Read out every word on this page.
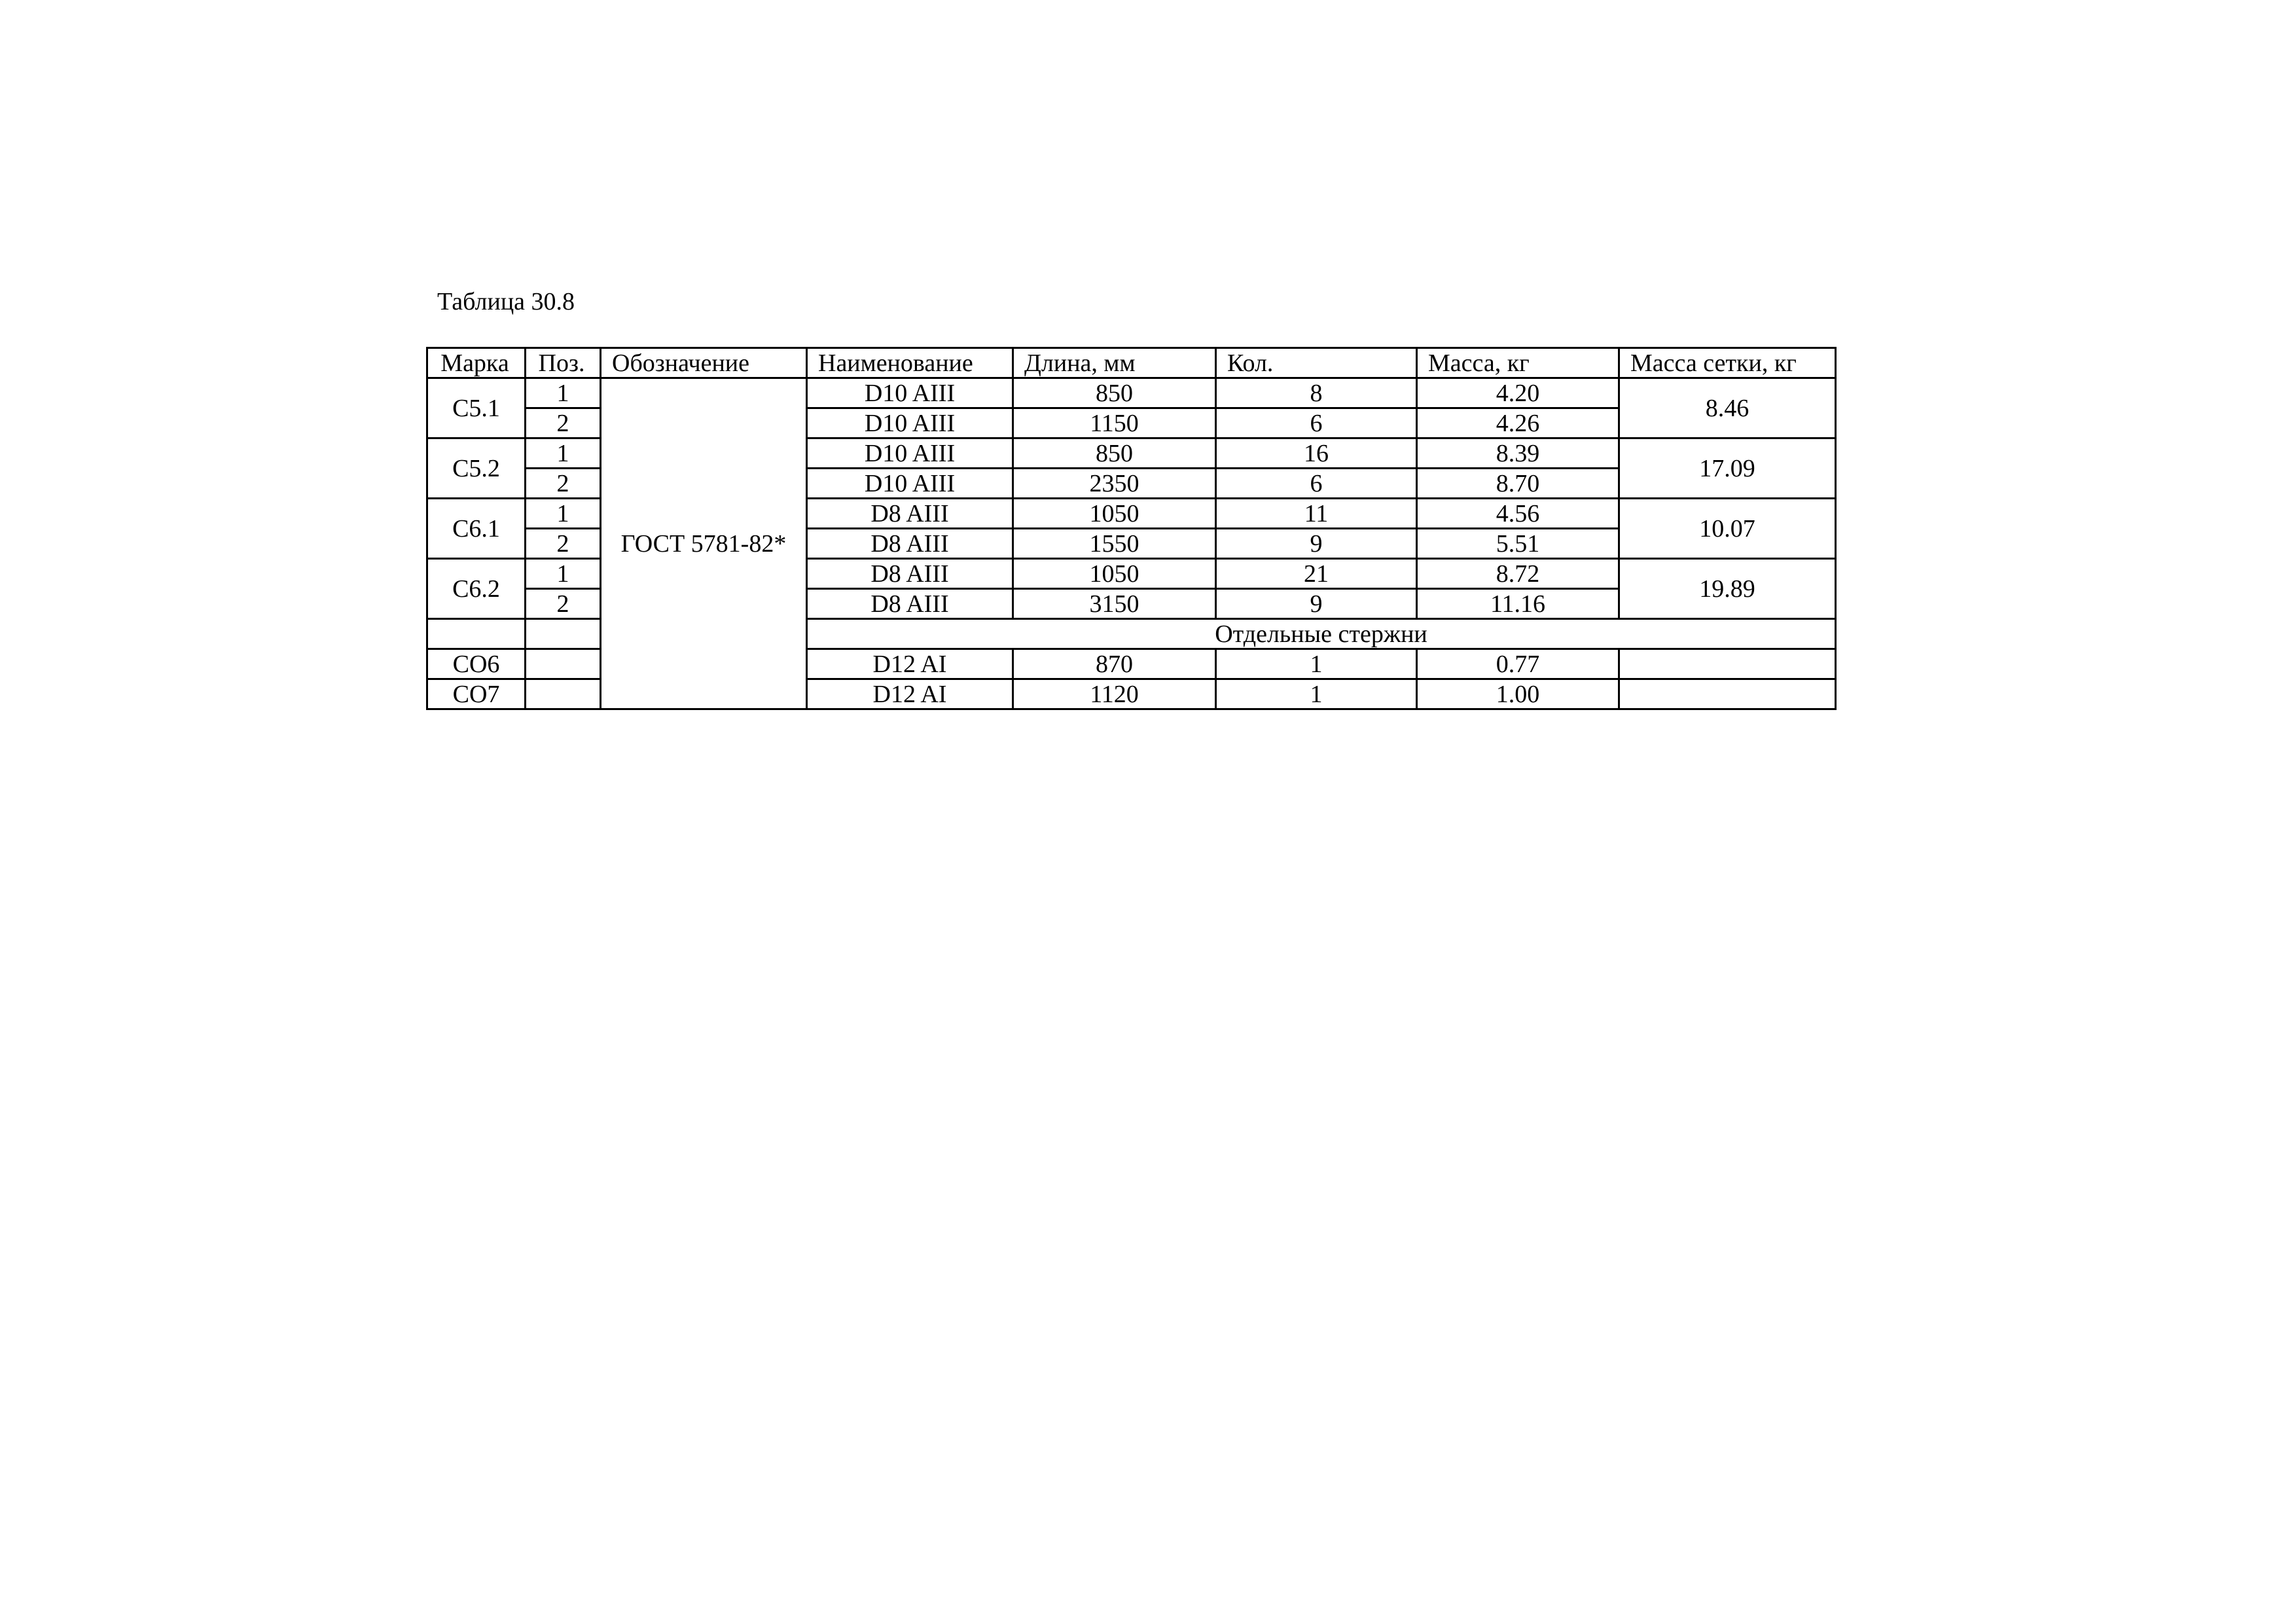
Таблица 30.8
Марка	Поз.	Обозначение	Наименование	Длина, мм	Кол.	Масса, кг	Масса сетки, кг
С5.1	1	ГОСТ 5781-82*	D10 AIII	850	8	4.20	8.46
	2		D10 AIII	1150	6	4.26	
С5.2	1		D10 AIII	850	16	8.39	17.09
	2		D10 AIII	2350	6	8.70	
С6.1	1		D8 AIII	1050	11	4.56	10.07
	2		D8 AIII	1550	9	5.51	
С6.2	1		D8 AIII	1050	21	8.72	19.89
	2		D8 AIII	3150	9	11.16	
			Отдельные стержни				
СО6			D12 AI	870	1	0.77	
СО7			D12 AI	1120	1	1.00	
